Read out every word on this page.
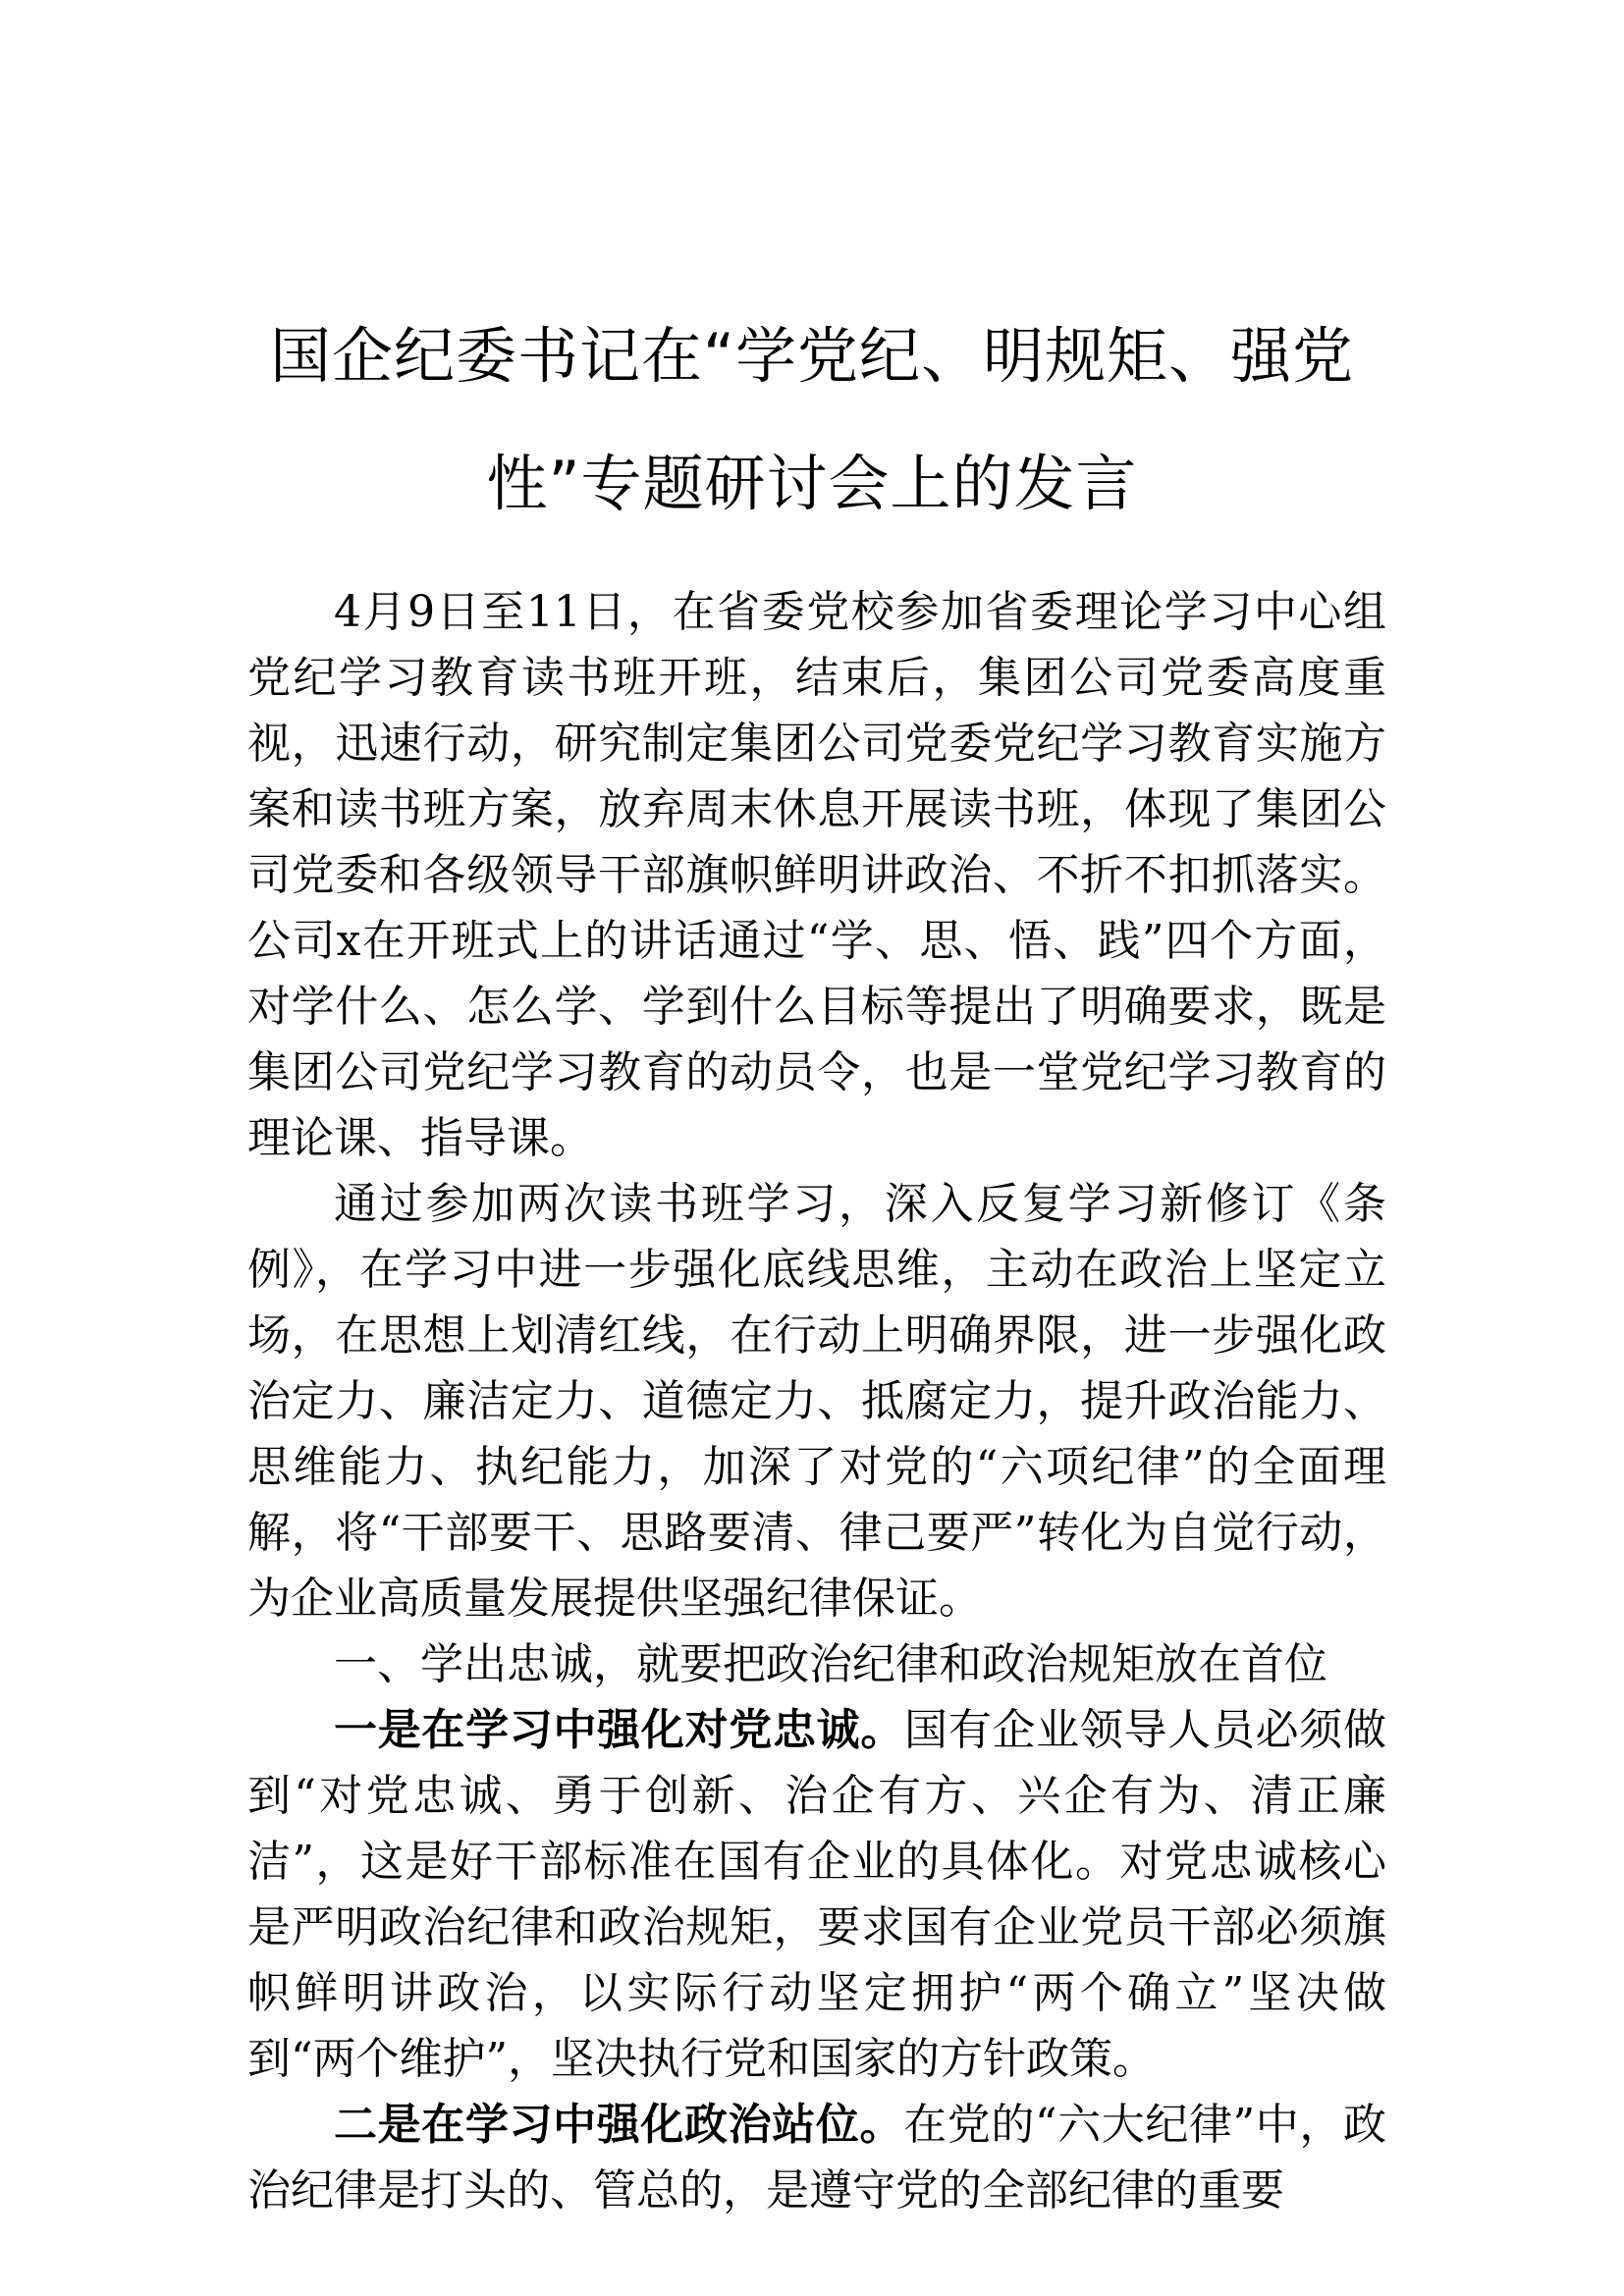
国企纪委书记在“学党纪、明规矩、强党
性”专题研讨会上的发言

4月9日至11日，在省委党校参加省委理论学习中心组党纪学习教育读书班开班，结束后，集团公司党委高度重视，迅速行动，研究制定集团公司党委党纪学习教育实施方案和读书班方案，放弃周末休息开展读书班，体现了集团公司党委和各级领导干部旗帜鲜明讲政治、不折不扣抓落实。公司x在开班式上的讲话通过“学、思、悟、践”四个方面，对学什么、怎么学、学到什么目标等提出了明确要求，既是集团公司党纪学习教育的动员令，也是一堂党纪学习教育的理论课、指导课。

通过参加两次读书班学习，深入反复学习新修订《条例》，在学习中进一步强化底线思维，主动在政治上坚定立场，在思想上划清红线，在行动上明确界限，进一步强化政治定力、廉洁定力、道德定力、抵腐定力，提升政治能力、思维能力、执纪能力，加深了对党的“六项纪律”的全面理解，将“干部要干、思路要清、律己要严”转化为自觉行动，为企业高质量发展提供坚强纪律保证。

一、学出忠诚，就要把政治纪律和政治规矩放在首位

一是在学习中强化对党忠诚。国有企业领导人员必须做到“对党忠诚、勇于创新、治企有方、兴企有为、清正廉洁”，这是好干部标准在国有企业的具体化。对党忠诚核心是严明政治纪律和政治规矩，要求国有企业党员干部必须旗帜鲜明讲政治，以实际行动坚定拥护“两个确立”坚决做到“两个维护”，坚决执行党和国家的方针政策。

二是在学习中强化政治站位。在党的“六大纪律”中，政治纪律是打头的、管总的，是遵守党的全部纪律的重要
